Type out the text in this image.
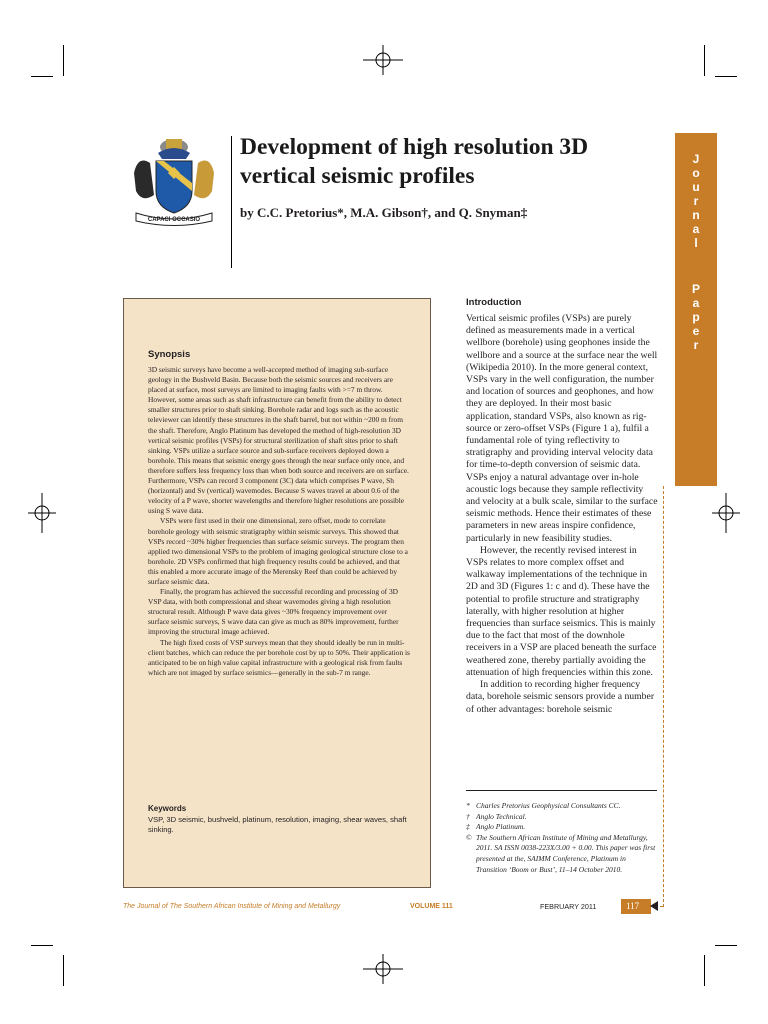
CAPACI OCCASIO
Development of high resolution 3D vertical seismic profiles

by C.C. Pretorius*, M.A. Gibson†, and Q. Snyman‡

J
o
u
r
n
a
l
P
a
p
e
r
Synopsis

3D seismic surveys have become a well-accepted method of imaging sub-surface geology in the Bushveld Basin. Because both the seismic sources and receivers are placed at surface, most surveys are limited to imaging faults with >=7 m throw. However, some areas such as shaft infrastructure can benefit from the ability to detect smaller structures prior to shaft sinking. Borehole radar and logs such as the acoustic televiewer can identify these structures in the shaft barrel, but not within ~200 m from the shaft. Therefore, Anglo Platinum has developed the method of high-resolution 3D vertical seismic profiles (VSPs) for structural sterilization of shaft sites prior to shaft sinking. VSPs utilize a surface source and sub-surface receivers deployed down a borehole. This means that seismic energy goes through the near surface only once, and therefore suffers less frequency loss than when both source and receivers are on surface. Furthermore, VSPs can record 3 component (3C) data which comprises P wave, Sh (horizontal) and Sv (vertical) wavemodes. Because S waves travel at about 0.6 of the velocity of a P wave, shorter wavelengths and therefore higher resolutions are possible using S wave data.

VSPs were first used in their one dimensional, zero offset, mode to correlate borehole geology with seismic stratigraphy within seismic surveys. This showed that VSPs record ~30% higher frequencies than surface seismic surveys. The program then applied two dimensional VSPs to the problem of imaging geological structure close to a borehole. 2D VSPs confirmed that high frequency results could be achieved, and that this enabled a more accurate image of the Merensky Reef than could be achieved by surface seismic data.

Finally, the program has achieved the successful recording and processing of 3D VSP data, with both compressional and shear wavemodes giving a high resolution structural result. Although P wave data gives ~30% frequency improvement over surface seismic surveys, S wave data can give as much as 80% improvement, further improving the structural image achieved.

The high fixed costs of VSP surveys mean that they should ideally be run in multi-client batches, which can reduce the per borehole cost by up to 50%. Their application is anticipated to be on high value capital infrastructure with a geological risk from faults which are not imaged by surface seismics—generally in the sub-7 m range.

Keywords
VSP, 3D seismic, bushveld, platinum, resolution, imaging, shear waves, shaft sinking.
Introduction

Vertical seismic profiles (VSPs) are purely defined as measurements made in a vertical wellbore (borehole) using geophones inside the wellbore and a source at the surface near the well (Wikipedia 2010). In the more general context, VSPs vary in the well configuration, the number and location of sources and geophones, and how they are deployed. In their most basic application, standard VSPs, also known as rig-source or zero-offset VSPs (Figure 1 a), fulfil a fundamental role of tying reflectivity to stratigraphy and providing interval velocity data for time-to-depth conversion of seismic data. VSPs enjoy a natural advantage over in-hole acoustic logs because they sample reflectivity and velocity at a bulk scale, similar to the surface seismic methods. Hence their estimates of these parameters in new areas inspire confidence, particularly in new feasibility studies.

However, the recently revised interest in VSPs relates to more complex offset and walkaway implementations of the technique in 2D and 3D (Figures 1: c and d). These have the potential to profile structure and stratigraphy laterally, with higher resolution at higher frequencies than surface seismics. This is mainly due to the fact that most of the downhole receivers in a VSP are placed beneath the surface weathered zone, thereby partially avoiding the attenuation of high frequencies within this zone.

In addition to recording higher frequency data, borehole seismic sensors provide a number of other advantages: borehole seismic

* Charles Pretorius Geophysical Consultants CC.
† Anglo Technical.
‡ Anglo Platinum.
© The Southern African Institute of Mining and Metallurgy, 2011. SA ISSN 0038-223X/3.00 + 0.00. This paper was first presented at the, SAIMM Conference, Platinum in Transition ‘Boom or Bust’, 11–14 October 2010.
The Journal of The Southern African Institute of Mining and Metallurgy	VOLUME 111	FEBRUARY 2011	117
